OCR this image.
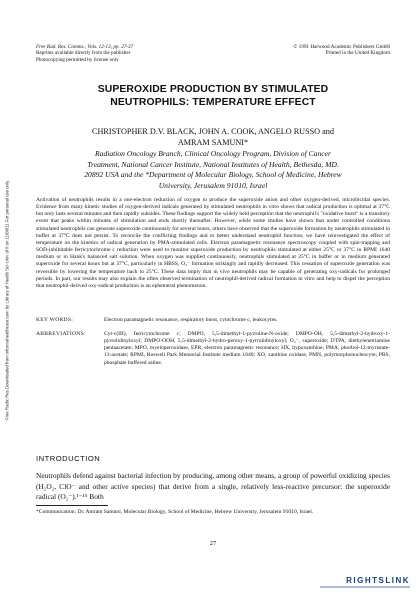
Free Radic Res Downloaded from informahealthcare.com by Library of Health Sci-Univ of Il on 11/08/11 For personal use only.
Free Rad. Res. Comms., Vols. 12-13, pp. 27-37
Reprints available directly from the publisher
Photocopying permitted by license only
© 1991 Harwood Academic Publishers GmbH
Printed in the United Kingdom
SUPEROXIDE PRODUCTION BY STIMULATED
NEUTROPHILS: TEMPERATURE EFFECT
CHRISTOPHER D.V. BLACK, JOHN A. COOK, ANGELO RUSSO and
AMRAM SAMUNI*
Radiation Oncology Branch, Clinical Oncology Program, Division of Cancer
Treatment, National Cancer Institute, National Institutes of Health, Bethesda, MD.
20892 USA and the *Department of Molecular Biology, School of Medicine, Hebrew
University, Jerusalem 91010, Israel
Activation of neutrophils results in a one-electron reduction of oxygen to produce the superoxide anion and other oxygen-derived, microbicidal species. Evidence from many kinetic studies of oxygen-derived radicals generated by stimulated neutrophils in vitro shows that radical production is optimal at 37°C but only lasts several minutes and then rapidly subsides. These findings support the widely held perception that the neutrophil's "oxidative burst" is a transitory event that peaks within minutes of stimulation and ends shortly thereafter. However, while some studies have shown that under controlled conditions stimulated neutrophils can generate superoxide continuously for several hours, others have observed that the superoxide formation by neutrophils stimulated in buffer at 37°C does not persist. To reconcile the conflicting findings and to better understand neutrophil function, we have reinvestigated the effect of temperature on the kinetics of radical generation by PMA-stimulated cells. Electron paramagnetic resonance spectroscopy coupled with spin-trapping and SOD-inhibitable ferricytochrome c reduction were used to monitor superoxide production by neutrophils stimulated at either 25°C or 37°C in RPMI 1640 medium or in Hank's balanced salt solution. When oxygen was supplied continuously, neutrophils stimulated at 25°C in buffer or in medium generated superoxide for several hours but at 37°C, particularly in HBSS, O₂⁻ formation strikingly and rapidly decreased. This cessation of superoxide generation was reversible by lowering the temperature back to 25°C. These data imply that in vivo neutrophils may be capable of generating oxy-radicals for prolonged periods. In part, our results may also explain the often observed termination of neutrophil-derived radical formation in vitro and help to dispel the perception that neutrophil-derived oxy-radical production is an ephemeral phenomenon.
KEY WORDS:	Electron paramagnetic resonance, respiratory burst, cytochrome c, leukocytes.
ABBREVIATIONS:	Cyt-c(III), ferricytochrome c; DMPO, 5,5-dimethyl-1-pyrroline-N-oxide; DMPO-OH, 5,5-dimethyl-2-hydroxy-1-pyrrolidinyloxyl; DMPO-OOH, 5,5-dimethyl-2-hydro-peroxy-1-pyrrolidinyloxyl; O₂⁻, superoxide; DTPA, diethylenetriamine pentaacetate; MPO, myeloperoxidase, EPR, electron paramagnetic resonance; HX, hypoxanthine; PMA, phorbol-12-myristate-13-acetate; RPMI, Roswell Park Memorial Institute medium 1640; XO, xanthine oxidase, PMN, polymorphonucleocyte; PBS, phosphate buffered saline.
INTRODUCTION
Neutrophils defend against bacterial infection by producing, among other means, a group of powerful oxidizing species (H₂O₂, ClO⁻ and other active species) that derive from a single, relatively less-reactive precursor: the superoxide radical (O₂⁻).¹⁻¹⁵ Both
*Communication: Dr. Amram Samuni, Molecular Biology, School of Medicine, Hebrew University, Jerusalem 91010, Israel.
27
RIGHTSLINK
